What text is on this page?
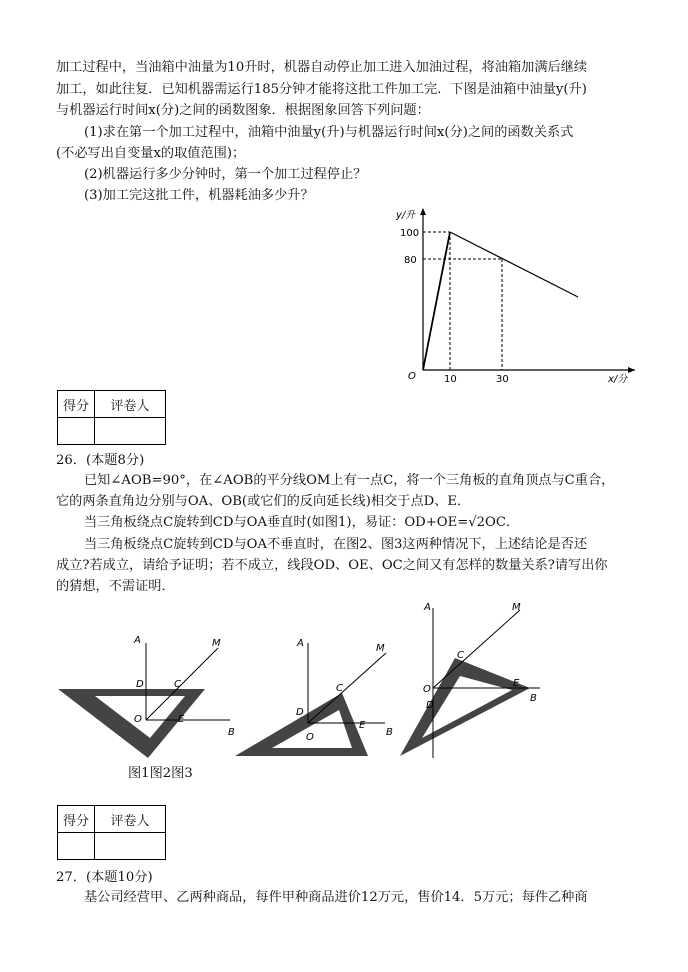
加工过程中，当油箱中油量为10升时，机器自动停止加工进入加油过程，将油箱加满后继续
加工，如此往复．已知机器需运行185分钟才能将这批工件加工完．下图是油箱中油量y(升)
与机器运行时间x(分)之间的函数图象．根据图象回答下列问题：
(1)求在第一个加工过程中，油箱中油量y(升)与机器运行时间x(分)之间的函数关系式
(不必写出自变量x的取值范围)；
(2)机器运行多少分钟时，第一个加工过程停止？
(3)加工完这批工件，机器耗油多少升？
y/升
x/分
O
100
80
10	30
得分	评卷人

26．(本题8分)
已知∠AOB=90°，在∠AOB的平分线OM上有一点C，将一个三角板的直角顶点与C重合，
它的两条直角边分别与OA、OB(或它们的反向延长线)相交于点D、E．
当三角板绕点C旋转到CD与OA垂直时(如图1)，易证：OD+OE=√2OC．
当三角板绕点C旋转到CD与OA不垂直时，在图2、图3这两种情况下，上述结论是否还
成立?若成立，请给予证明；若不成立，线段OD、OE、OC之间又有怎样的数量关系?请写出你
的猜想，不需证明．
A	M
D	C
O	E
B
A	M
D
C
O
E
B
A	M
C
O
D
E
B
图1图2图3
得分	评卷人

27．(本题10分)
基公司经营甲、乙两种商品，每件甲种商品进价12万元，售价14．5万元；每件乙种商
